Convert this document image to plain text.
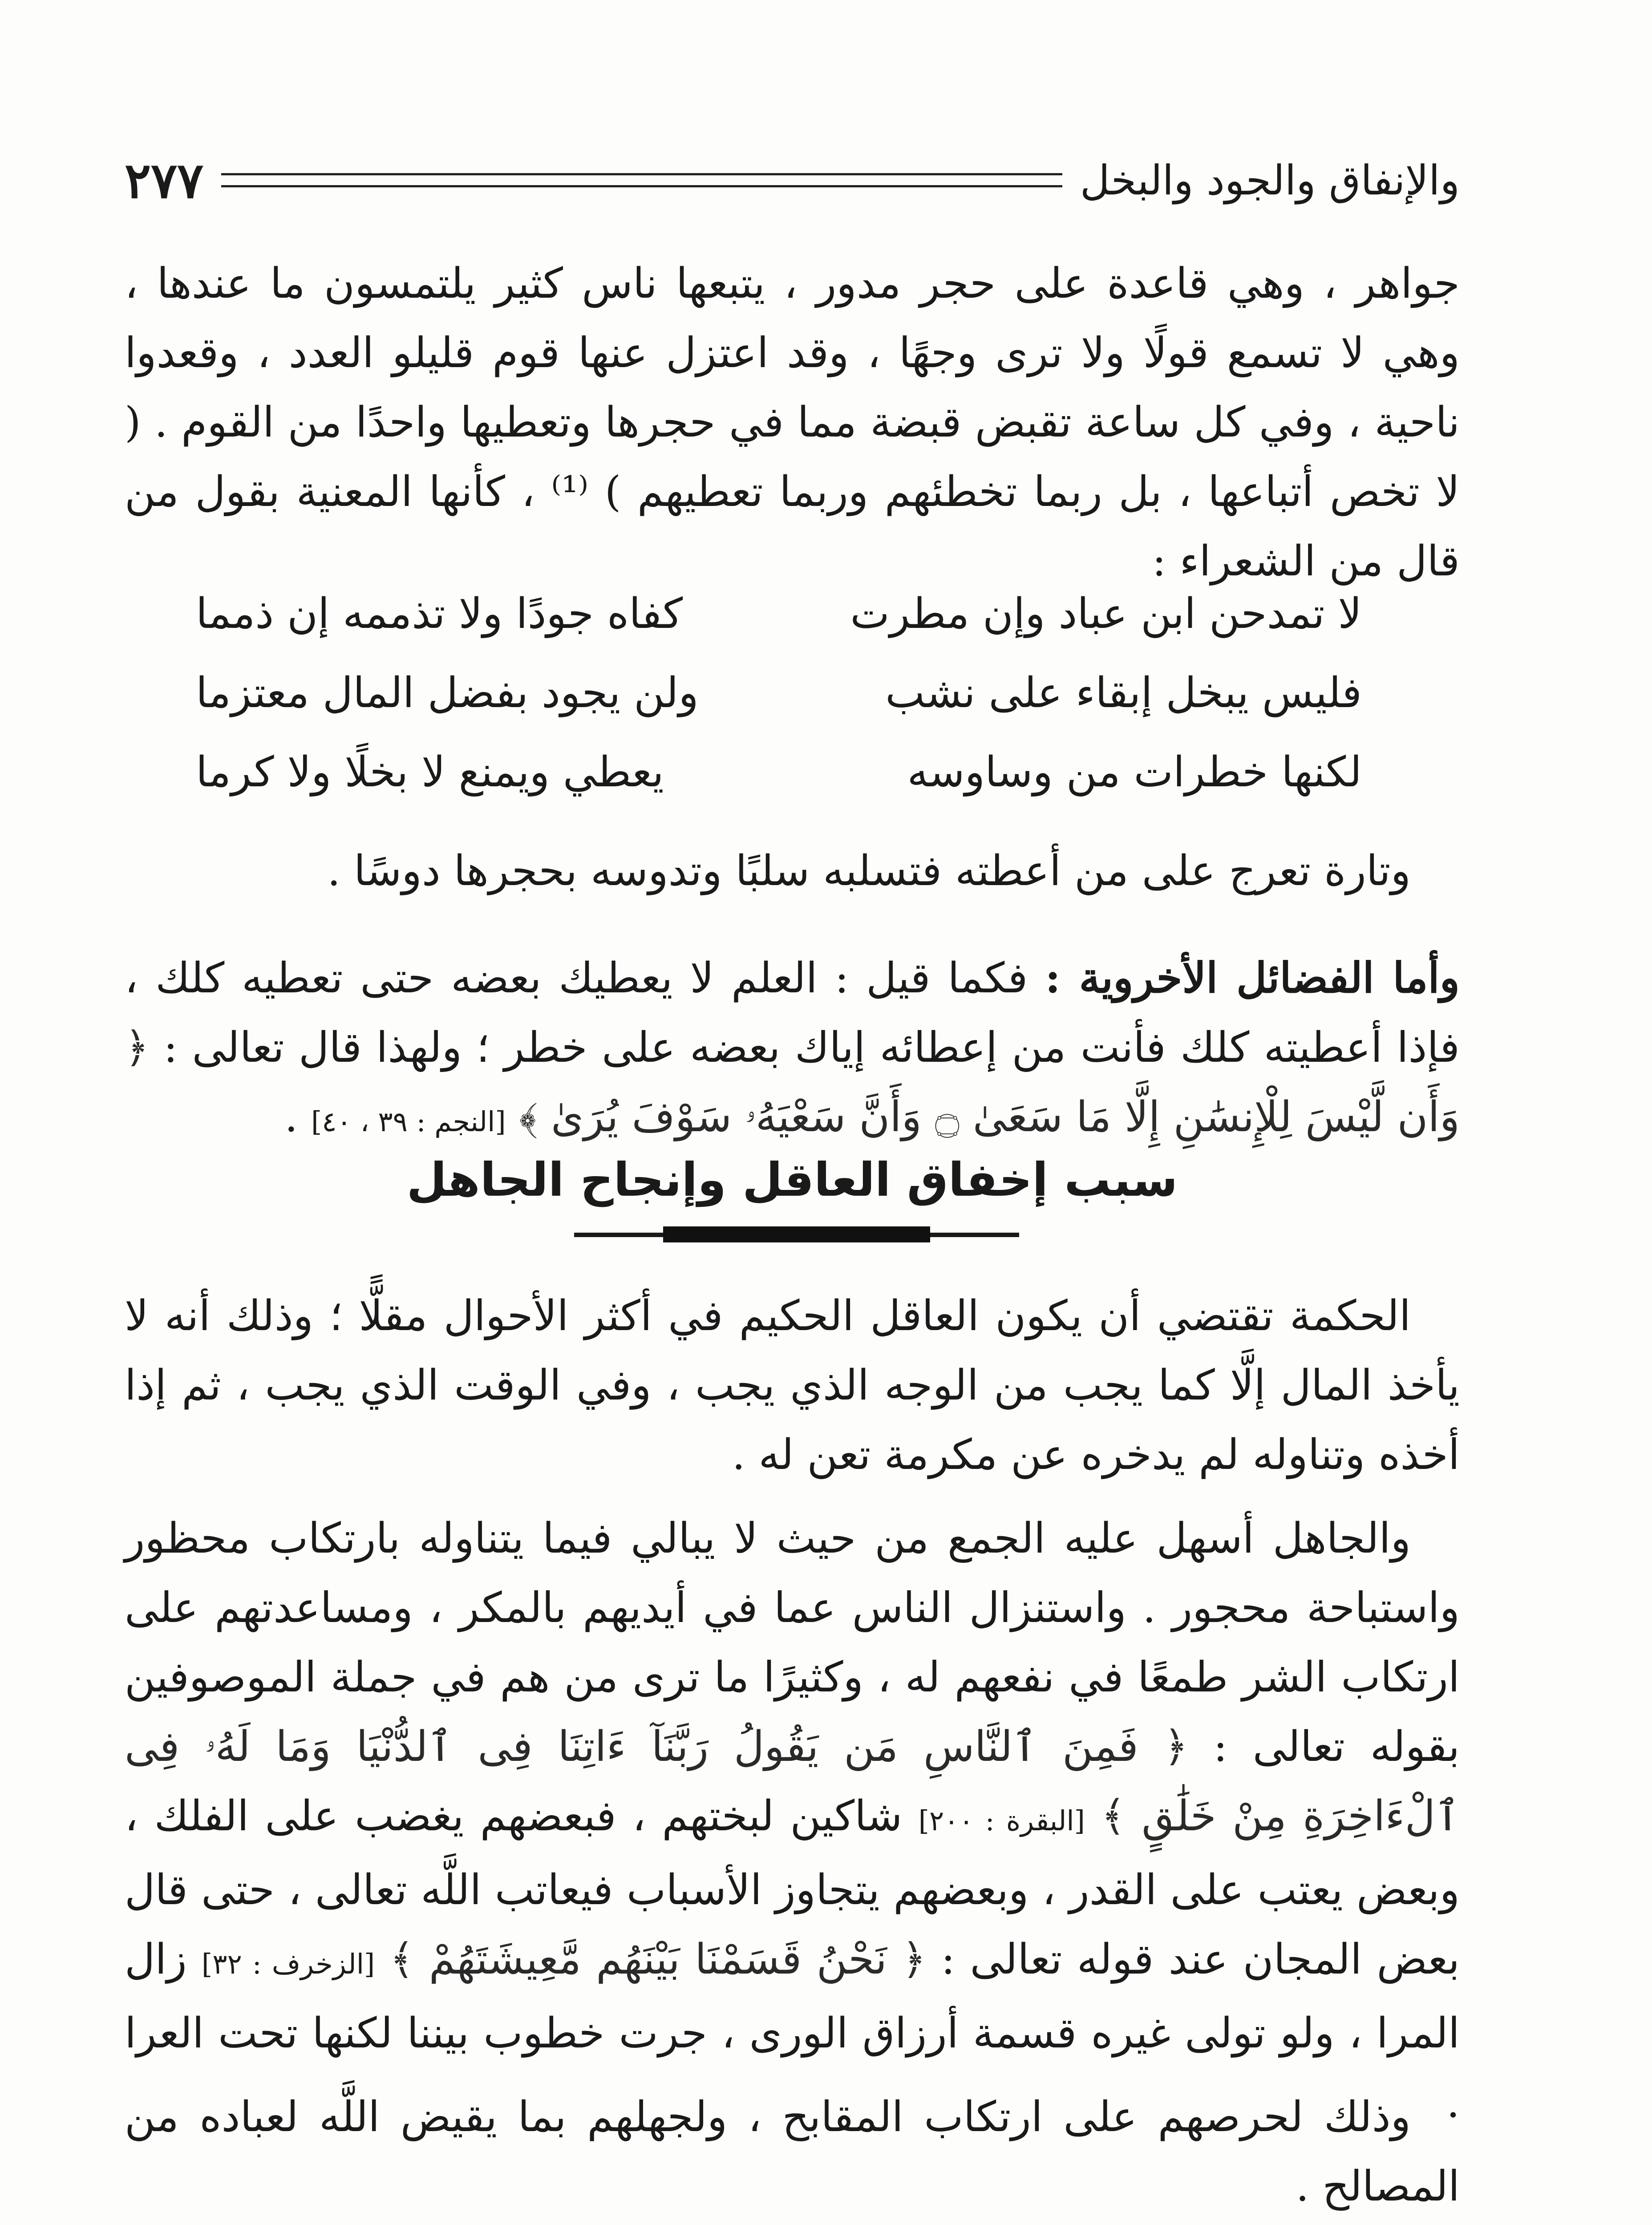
والإنفاق والجود والبخل
٢٧٧

جواهر ، وهي قاعدة على حجر مدور ، يتبعها ناس كثير يلتمسون ما عندها ، وهي لا تسمع قولًا ولا ترى وجهًا ، وقد اعتزل عنها قوم قليلو العدد ، وقعدوا ناحية ، وفي كل ساعة تقبض قبضة مما في حجرها وتعطيها واحدًا من القوم . ( لا تخص أتباعها ، بل ربما تخطئهم وربما تعطيهم ) ⁽¹⁾ ، كأنها المعنية بقول من قال من الشعراء :

لا تمدحن ابن عباد وإن مطرت
كفاه جودًا ولا تذممه إن ذمما
فليس يبخل إبقاء على نشب
ولن يجود بفضل المال معتزما
لكنها خطرات من وساوسه
يعطي ويمنع لا بخلًا ولا كرما

وتارة تعرج على من أعطته فتسلبه سلبًا وتدوسه بحجرها دوسًا .

وأما الفضائل الأخروية : فكما قيل : العلم لا يعطيك بعضه حتى تعطيه كلك ، فإذا أعطيته كلك فأنت من إعطائه إياك بعضه على خطر ؛ ولهذا قال تعالى : ﴿ وَأَن لَّيْسَ لِلْإِنسَٰنِ إِلَّا مَا سَعَىٰ ۝ وَأَنَّ سَعْيَهُۥ سَوْفَ يُرَىٰ ﴾ [النجم : ٣٩ ، ٤٠] .

سبب إخفاق العاقل وإنجاح الجاهل

الحكمة تقتضي أن يكون العاقل الحكيم في أكثر الأحوال مقلًّا ؛ وذلك أنه لا يأخذ المال إلَّا كما يجب من الوجه الذي يجب ، وفي الوقت الذي يجب ، ثم إذا أخذه وتناوله لم يدخره عن مكرمة تعن له .

والجاهل أسهل عليه الجمع من حيث لا يبالي فيما يتناوله بارتكاب محظور واستباحة محجور . واستنزال الناس عما في أيديهم بالمكر ، ومساعدتهم على ارتكاب الشر طمعًا في نفعهم له ، وكثيرًا ما ترى من هم في جملة الموصوفين بقوله تعالى : ﴿ فَمِنَ ٱلنَّاسِ مَن يَقُولُ رَبَّنَآ ءَاتِنَا فِى ٱلدُّنْيَا وَمَا لَهُۥ فِى ٱلْءَاخِرَةِ مِنْ خَلَٰقٍ ﴾ [البقرة : ٢٠٠] شاكين لبختهم ، فبعضهم يغضب على الفلك ، وبعض يعتب على القدر ، وبعضهم يتجاوز الأسباب فيعاتب اللَّه تعالى ، حتى قال بعض المجان عند قوله تعالى : ﴿ نَحْنُ قَسَمْنَا بَيْنَهُم مَّعِيشَتَهُمْ ﴾ [الزخرف : ٣٢] زال المرا ، ولو تولى غيره قسمة أرزاق الورى ، جرت خطوب بيننا لكنها تحت العرا .

وذلك لحرصهم على ارتكاب المقابح ، ولجهلهم بما يقيض اللَّه لعباده من المصالح .
